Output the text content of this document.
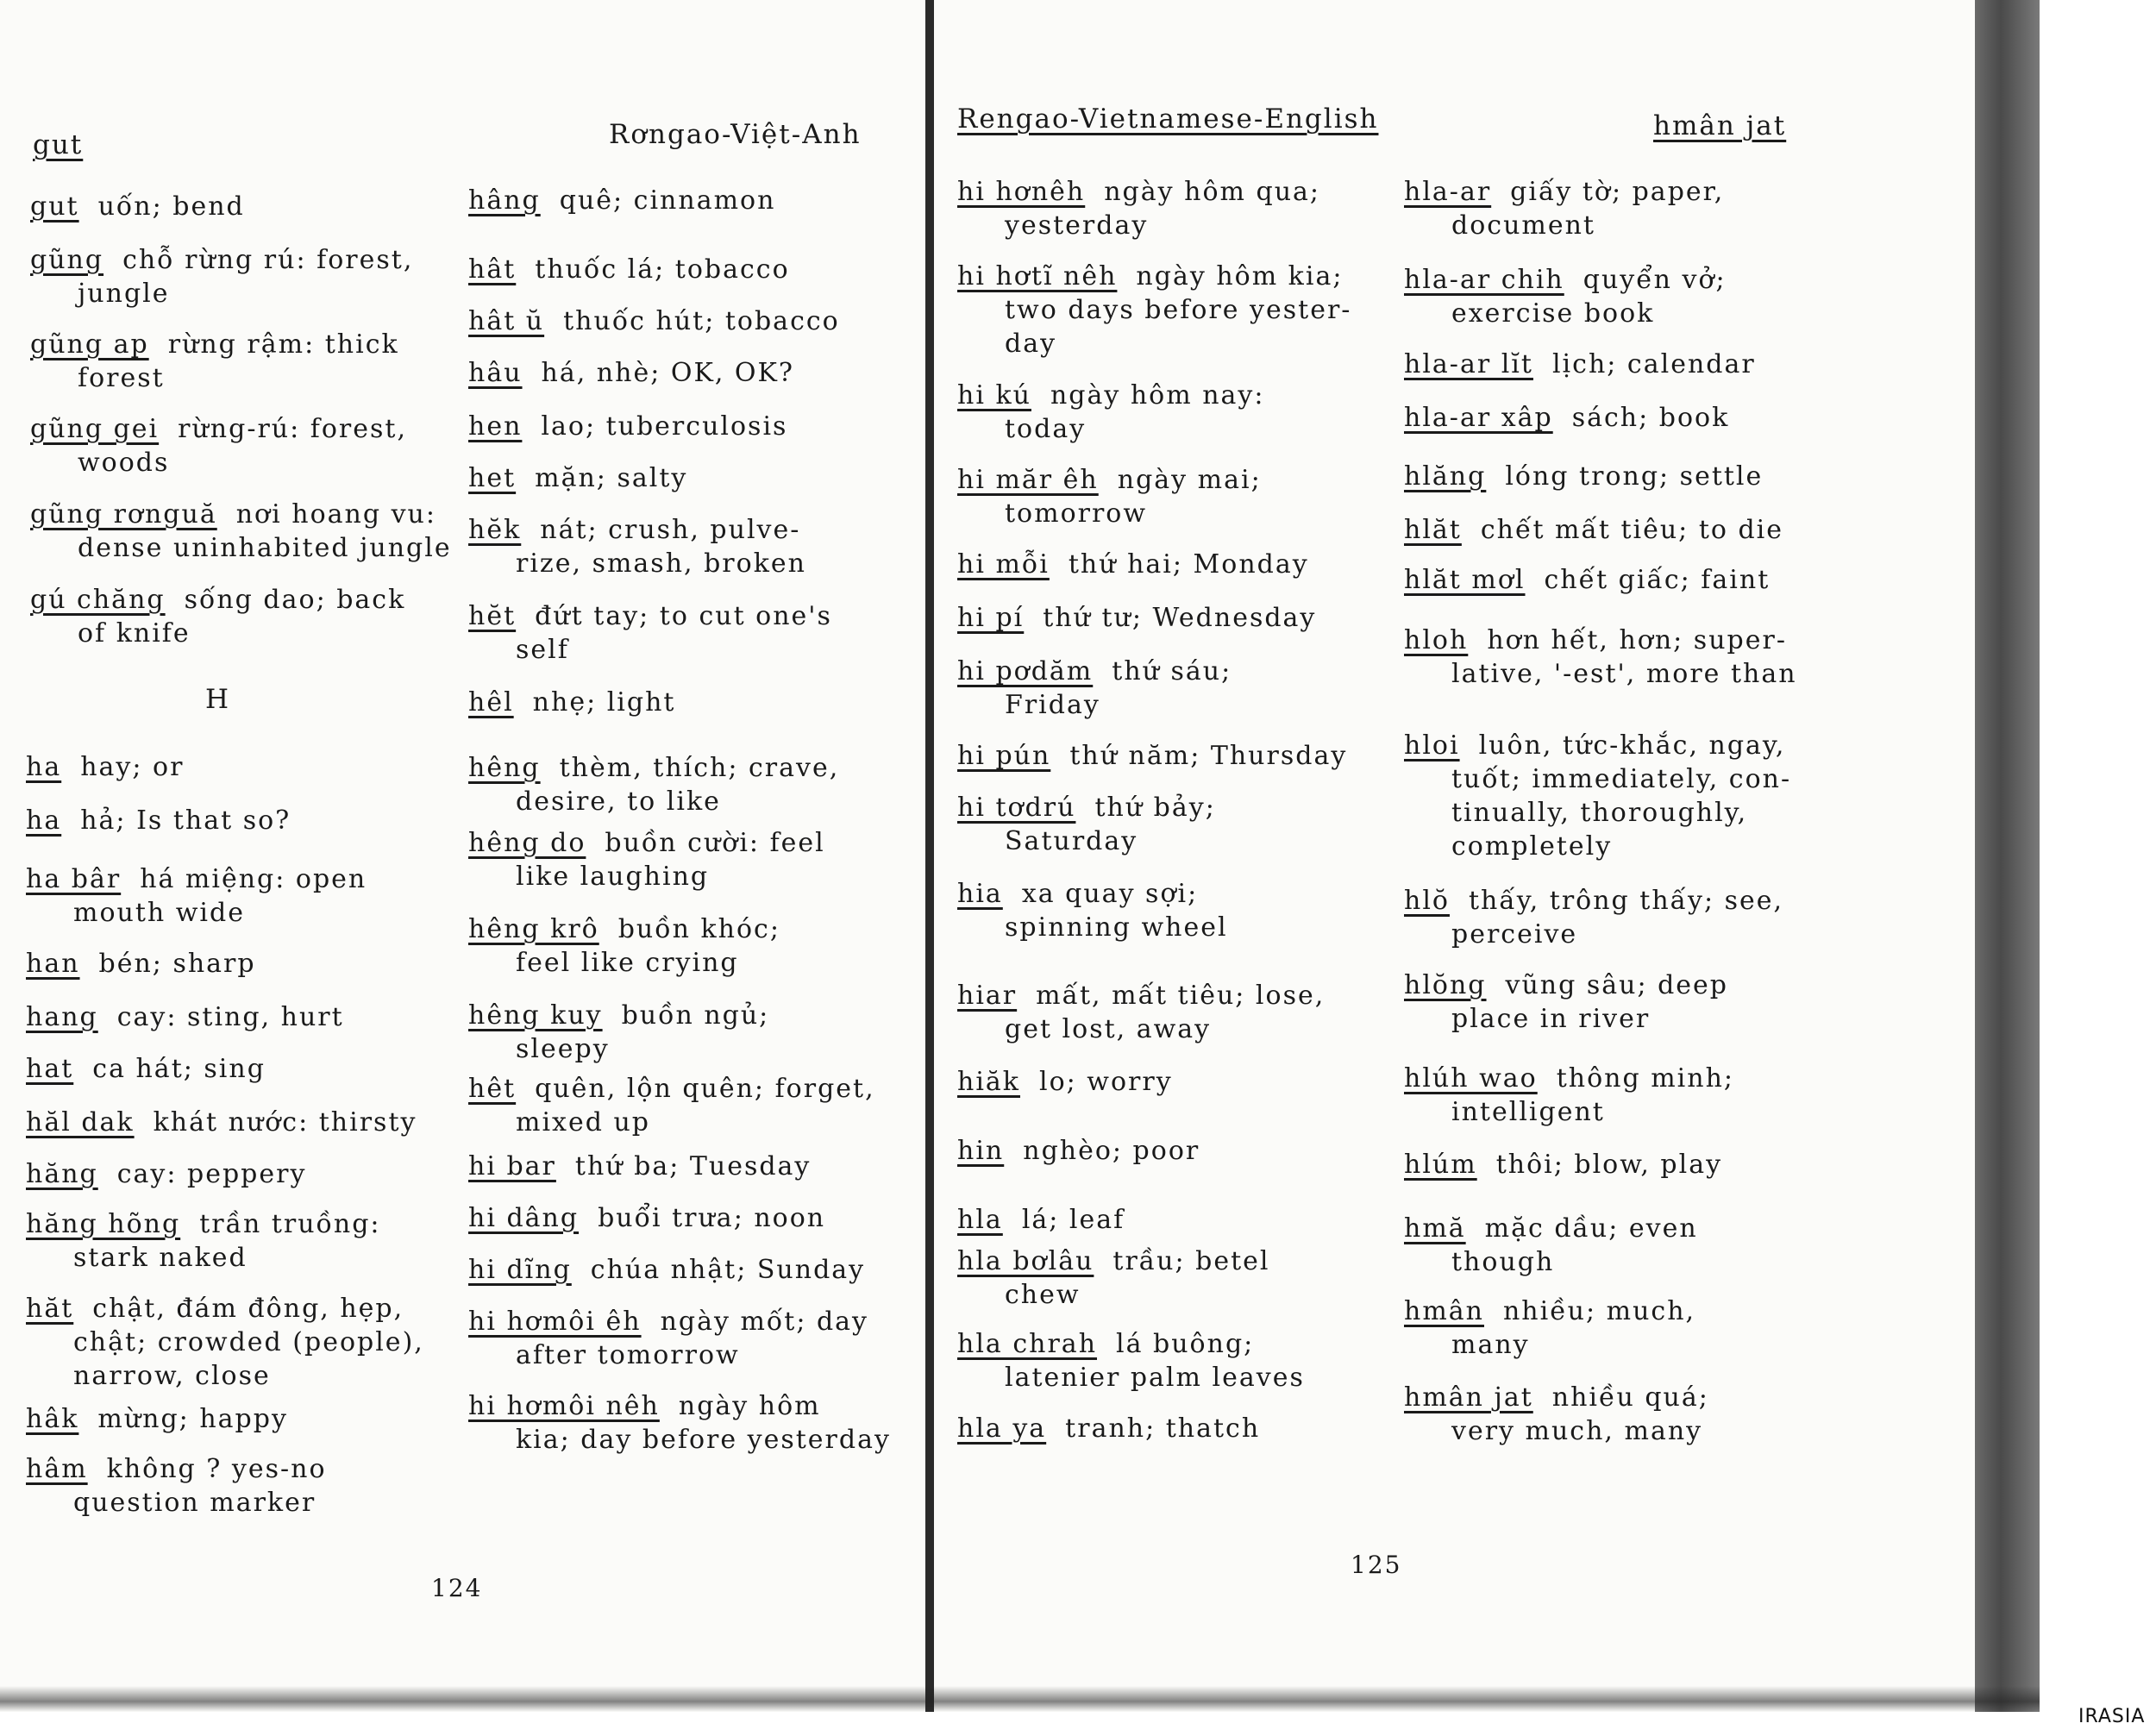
gut	Rơngao-Việt-Anh
gut uốn; bend
gũng chỗ rừng rú: forest,
jungle
gũng ap rừng rậm: thick
forest
gũng gei rừng-rú: forest,
woods
gũng rơnguă nơi hoang vu:
dense uninhabited jungle
gú chăng sống dao; back
of knife
H
ha hay; or
ha hả; Is that so?
ha bâr há miệng: open
mouth wide
han bén; sharp
hang cay: sting, hurt
hat ca hát; sing
hăl dak khát nước: thirsty
hăng cay: peppery
hăng hõng trần truồng:
stark naked
hăt chật, đám đông, hẹp,
chật; crowded (people), narrow, close
hâk mừng; happy
hâm không ? yes-no
question marker
hâng quê; cinnamon
hât thuốc lá; tobacco
hât ŭ thuốc hút; tobacco
hâu há, nhè; OK, OK?
hen lao; tuberculosis
het mặn; salty
hĕk nát; crush, pulve-
rize, smash, broken
hĕt đứt tay; to cut one's
self
hêl nhẹ; light
hêng thèm, thích; crave,
desire, to like
hêng do buồn cười: feel
like laughing
hêng krô buồn khóc;
feel like crying
hêng kuy buồn ngủ;
sleepy
hêt quên, lộn quên; forget,
mixed up
hi bar thứ ba; Tuesday
hi dâng buổi trưa; noon
hi dĩng chúa nhật; Sunday
hi hơmôi êh ngày mốt; day
after tomorrow
hi hơmôi nêh ngày hôm
kia; day before yesterday
124
Rengao-Vietnamese-English	hmân jat
hi hơnêh ngày hôm qua;
yesterday
hi hơtĩ nêh ngày hôm kia;
two days before yester-day
hi kú ngày hôm nay:
today
hi măr êh ngày mai;
tomorrow
hi mỗi thứ hai; Monday
hi pí thứ tư; Wednesday
hi pơdăm thứ sáu;
Friday
hi pún thứ năm; Thursday
hi tơdrú thứ bảy;
Saturday
hia xa quay sợi;
spinning wheel
hiar mất, mất tiêu; lose,
get lost, away
hiăk lo; worry
hin nghèo; poor
hla lá; leaf
hla bơlâu trầu; betel
chew
hla chrah lá buông;
latenier palm leaves
hla ya tranh; thatch
hla-ar giấy tờ; paper,
document
hla-ar chih quyển vở;
exercise book
hla-ar lĭt lịch; calendar
hla-ar xâp sách; book
hlăng lóng trong; settle
hlăt chết mất tiêu; to die
hlăt mơl chết giấc; faint
hloh hơn hết, hơn; super-
lative, '-est', more than
hloi luôn, tức-khắc, ngay,
tuốt; immediately, con-tinually, thoroughly, completely
hlŏ thấy, trông thấy; see,
perceive
hlŏng vũng sâu; deep
place in river
hlúh wao thông minh;
intelligent
hlúm thôi; blow, play
hmă mặc dầu; even
though
hmân nhiều; much,
many
hmân jat nhiều quá;
very much, many
125
IRASIA
